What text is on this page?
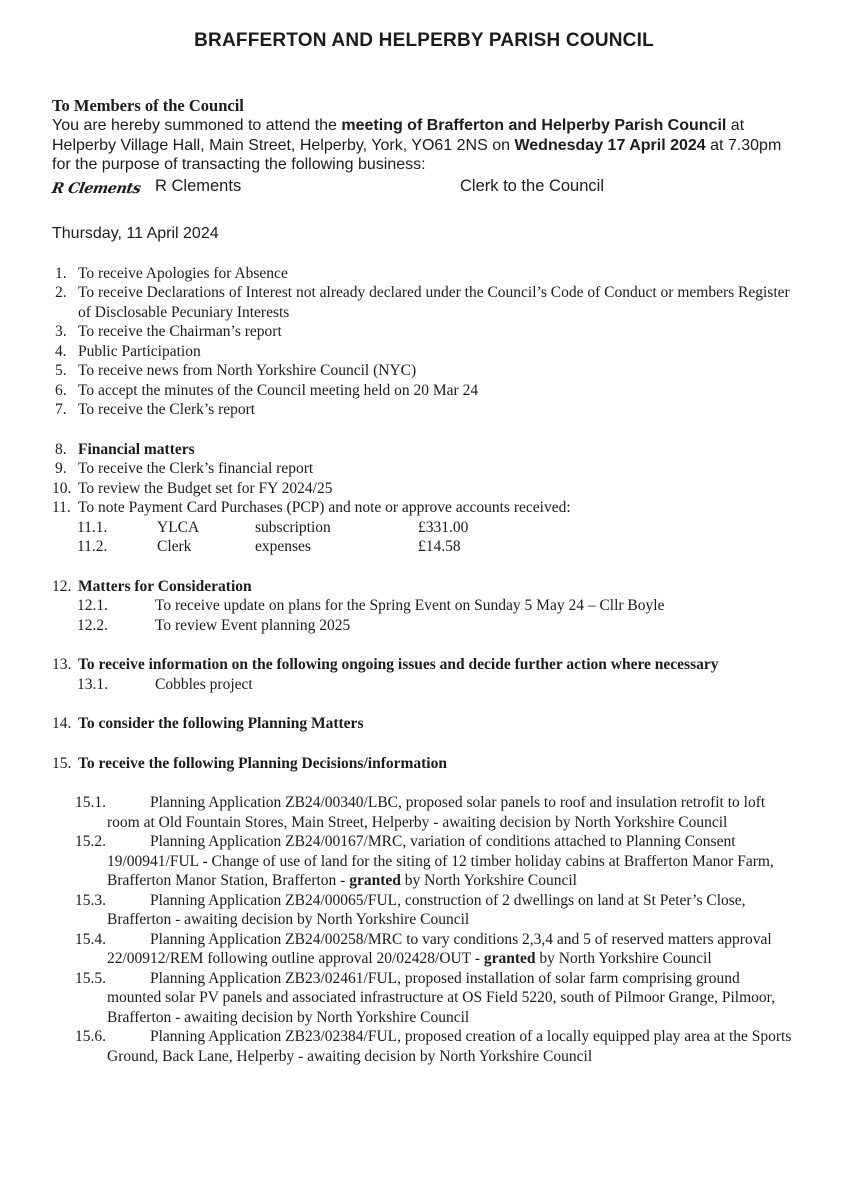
BRAFFERTON AND HELPERBY PARISH COUNCIL

To Members of the Council

You are hereby summoned to attend the meeting of Brafferton and Helperby Parish Council at Helperby Village Hall, Main Street, Helperby, York, YO61 2NS on Wednesday 17 April 2024 at 7.30pm for the purpose of transacting the following business:

R Clements R Clements	Clerk to the Council

Thursday, 11 April 2024

1. To receive Apologies for Absence
2. To receive Declarations of Interest not already declared under the Council’s Code of Conduct or members Register of Disclosable Pecuniary Interests
3. To receive the Chairman’s report
4. Public Participation
5. To receive news from North Yorkshire Council (NYC)
6. To accept the minutes of the Council meeting held on 20 Mar 24
7. To receive the Clerk’s report
8. Financial matters
9. To receive the Clerk’s financial report
10. To review the Budget set for FY 2024/25
11. To note Payment Card Purchases (PCP) and note or approve accounts received:
11.1.	YLCA	subscription	£331.00
11.2.	Clerk	expenses	£14.58
12. Matters for Consideration
12.1.	To receive update on plans for the Spring Event on Sunday 5 May 24 – Cllr Boyle
12.2.	To review Event planning 2025
13. To receive information on the following ongoing issues and decide further action where necessary
13.1.	Cobbles project
14. To consider the following Planning Matters
15. To receive the following Planning Decisions/information
15.1.	Planning Application ZB24/00340/LBC, proposed solar panels to roof and insulation retrofit to loft room at Old Fountain Stores, Main Street, Helperby - awaiting decision by North Yorkshire Council
15.2.	Planning Application ZB24/00167/MRC, variation of conditions attached to Planning Consent 19/00941/FUL - Change of use of land for the siting of 12 timber holiday cabins at Brafferton Manor Farm, Brafferton Manor Station, Brafferton - granted by North Yorkshire Council
15.3.	Planning Application ZB24/00065/FUL, construction of 2 dwellings on land at St Peter’s Close, Brafferton - awaiting decision by North Yorkshire Council
15.4.	Planning Application ZB24/00258/MRC to vary conditions 2,3,4 and 5 of reserved matters approval 22/00912/REM following outline approval 20/02428/OUT - granted by North Yorkshire Council
15.5.	Planning Application ZB23/02461/FUL, proposed installation of solar farm comprising ground mounted solar PV panels and associated infrastructure at OS Field 5220, south of Pilmoor Grange, Pilmoor, Brafferton - awaiting decision by North Yorkshire Council
15.6.	Planning Application ZB23/02384/FUL, proposed creation of a locally equipped play area at the Sports Ground, Back Lane, Helperby - awaiting decision by North Yorkshire Council
